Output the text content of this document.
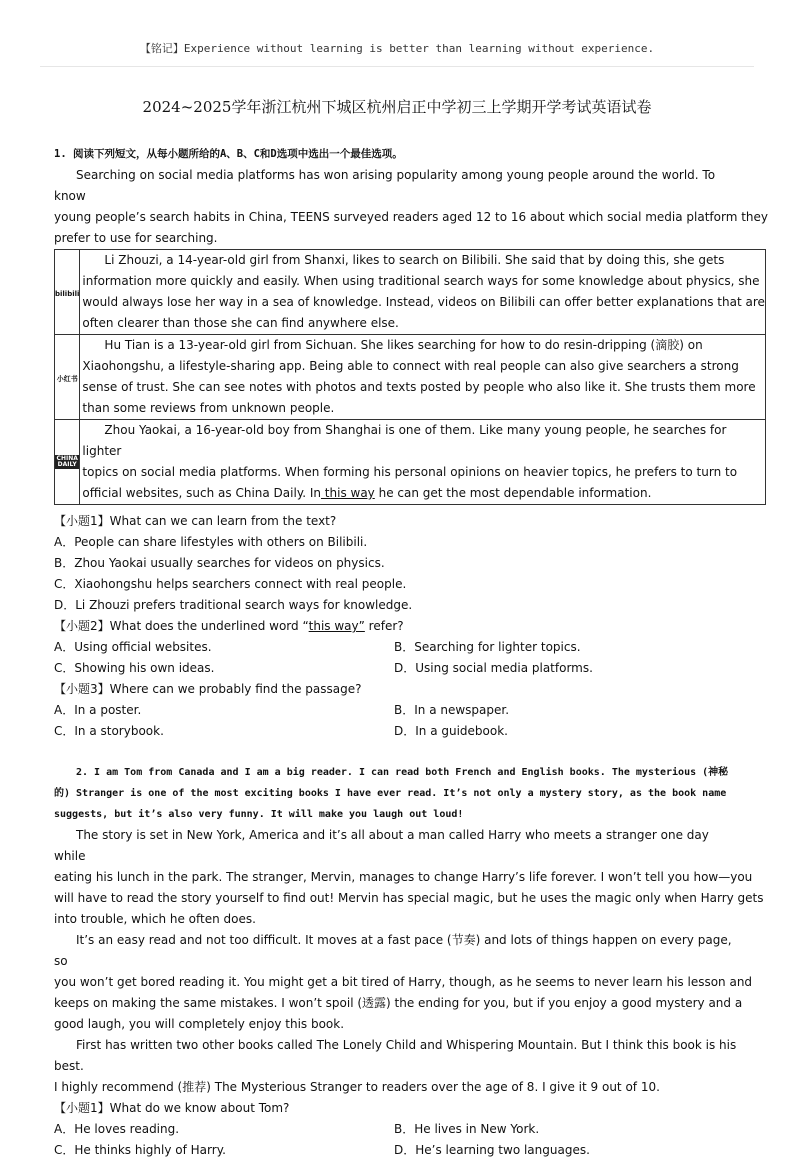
【铭记】Experience without learning is better than learning without experience.
2024~2025学年浙江杭州下城区杭州启正中学初三上学期开学考试英语试卷
1. 阅读下列短文，从每小题所给的A、B、C和D选项中选出一个最佳选项。

Searching on social media platforms has won arising popularity among young people around the world. To know

young people’s search habits in China, TEENS surveyed readers aged 12 to 16 about which social media platform they

prefer to use for searching.

bilibili	Li Zhouzi, a 14-year-old girl from Shanxi, likes to search on Bilibili. She said that by doing this, she gets

information more quickly and easily. When using traditional search ways for some knowledge about physics, she

would always lose her way in a sea of knowledge. Instead, videos on Bilibili can offer better explanations that are

often clearer than those she can find anywhere else.

小红书	Hu Tian is a 13-year-old girl from Sichuan. She likes searching for how to do resin-dripping (滴胶) on

Xiaohongshu, a lifestyle-sharing app. Being able to connect with real people can also give searchers a strong

sense of trust. She can see notes with photos and texts posted by people who also like it. She trusts them more

than some reviews from unknown people.

CHINA DAILY	Zhou Yaokai, a 16-year-old boy from Shanghai is one of them. Like many young people, he searches for lighter

topics on social media platforms. When forming his personal opinions on heavier topics, he prefers to turn to

official websites, such as China Daily. In this way he can get the most dependable information.

【小题1】What can we can learn from the text?

A．People can share lifestyles with others on Bilibili.

B．Zhou Yaokai usually searches for videos on physics.

C．Xiaohongshu helps searchers connect with real people.

D．Li Zhouzi prefers traditional search ways for knowledge.

【小题2】What does the underlined word “this way” refer?

A．Using official websites.	B．Searching for lighter topics.
C．Showing his own ideas.	D．Using social media platforms.

【小题3】Where can we probably find the passage?

A．In a poster.	B．In a newspaper.
C．In a storybook.	D．In a guidebook.

2. I am Tom from Canada and I am a big reader. I can read both French and English books. The mysterious (神秘

的) Stranger is one of the most exciting books I have ever read. It’s not only a mystery story, as the book name

suggests, but it’s also very funny. It will make you laugh out loud!

The story is set in New York, America and it’s all about a man called Harry who meets a stranger one day while

eating his lunch in the park. The stranger, Mervin, manages to change Harry’s life forever. I won’t tell you how—you

will have to read the story yourself to find out! Mervin has special magic, but he uses the magic only when Harry gets

into trouble, which he often does.

It’s an easy read and not too difficult. It moves at a fast pace (节奏) and lots of things happen on every page, so

you won’t get bored reading it. You might get a bit tired of Harry, though, as he seems to never learn his lesson and

keeps on making the same mistakes. I won’t spoil (透露) the ending for you, but if you enjoy a good mystery and a

good laugh, you will completely enjoy this book.

First has written two other books called The Lonely Child and Whispering Mountain. But I think this book is his best.

I highly recommend (推荐) The Mysterious Stranger to readers over the age of 8. I give it 9 out of 10.

【小题1】What do we know about Tom?

A．He loves reading.	B．He lives in New York.
C．He thinks highly of Harry.	D．He’s learning two languages.
